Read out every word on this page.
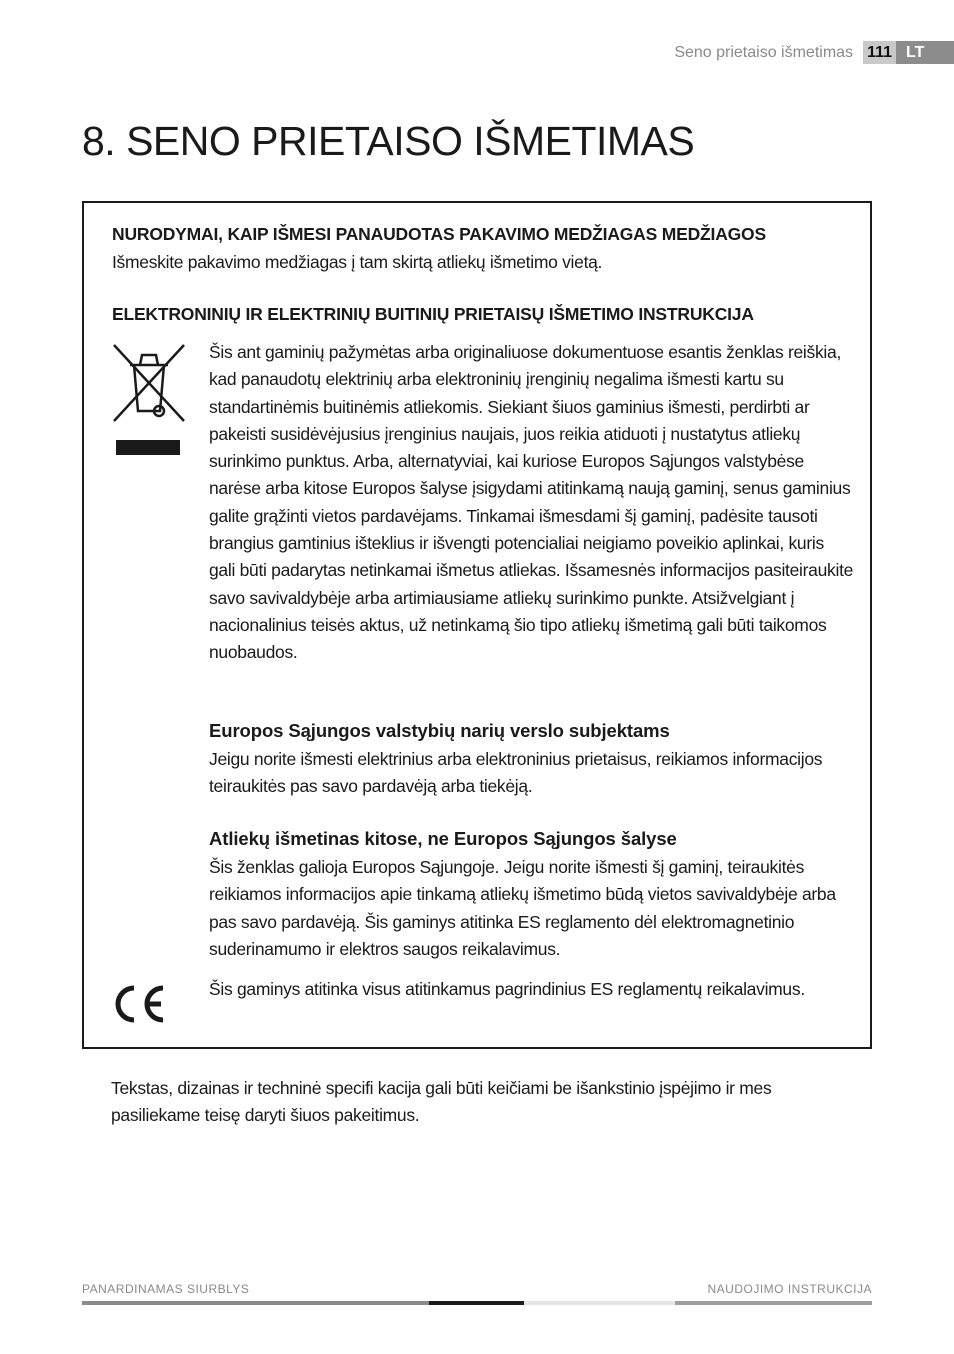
Seno prietaiso išmetimas 111 LT
8. SENO PRIETAISO IŠMETIMAS

NURODYMAI, KAIP IŠMESI PANAUDOTAS PAKAVIMO MEDŽIAGAS MEDŽIAGOS

Išmeskite pakavimo medžiagas į tam skirtą atliekų išmetimo vietą.

ELEKTRONINIŲ IR ELEKTRINIŲ BUITINIŲ PRIETAISŲ IŠMETIMO INSTRUKCIJA

Šis ant gaminių pažymėtas arba originaliuose dokumentuose esantis ženklas reiškia, kad panaudotų elektrinių arba elektroninių įrenginių negalima išmesti kartu su standartinėmis buitinėmis atliekomis. Siekiant šiuos gaminius išmesti, perdirbti ar pakeisti susidėvėjusius įrenginius naujais, juos reikia atiduoti į nustatytus atliekų surinkimo punktus. Arba, alternatyviai, kai kuriose Europos Sąjungos valstybėse narėse arba kitose Europos šalyse įsigydami atitinkamą naują gaminį, senus gaminius galite grąžinti vietos pardavėjams. Tinkamai išmesdami šį gaminį, padėsite tausoti brangius gamtinius išteklius ir išvengti potencialiai neigiamo poveikio aplinkai, kuris gali būti padarytas netinkamai išmetus atliekas. Išsamesnės informacijos pasiteiraukite savo savivaldybėje arba artimiausiame atliekų surinkimo punkte. Atsižvelgiant į nacionalinius teisės aktus, už netinkamą šio tipo atliekų išmetimą gali būti taikomos nuobaudos.

Europos Sąjungos valstybių narių verslo subjektams

Jeigu norite išmesti elektrinius arba elektroninius prietaisus, reikiamos informacijos teiraukitės pas savo pardavėją arba tiekėją.

Atliekų išmetinas kitose, ne Europos Sąjungos šalyse

Šis ženklas galioja Europos Sąjungoje. Jeigu norite išmesti šį gaminį, teiraukitės reikiamos informacijos apie tinkamą atliekų išmetimo būdą vietos savivaldybėje arba pas savo pardavėją. Šis gaminys atitinka ES reglamento dėl elektromagnetinio suderinamumo ir elektros saugos reikalavimus.

Šis gaminys atitinka visus atitinkamus pagrindinius ES reglamentų reikalavimus.

Tekstas, dizainas ir techninė specifi kacija gali būti keičiami be išankstinio įspėjimo ir mes pasiliekame teisę daryti šiuos pakeitimus.

PANARDINAMAS SIURBLYS	NAUDOJIMO INSTRUKCIJA
